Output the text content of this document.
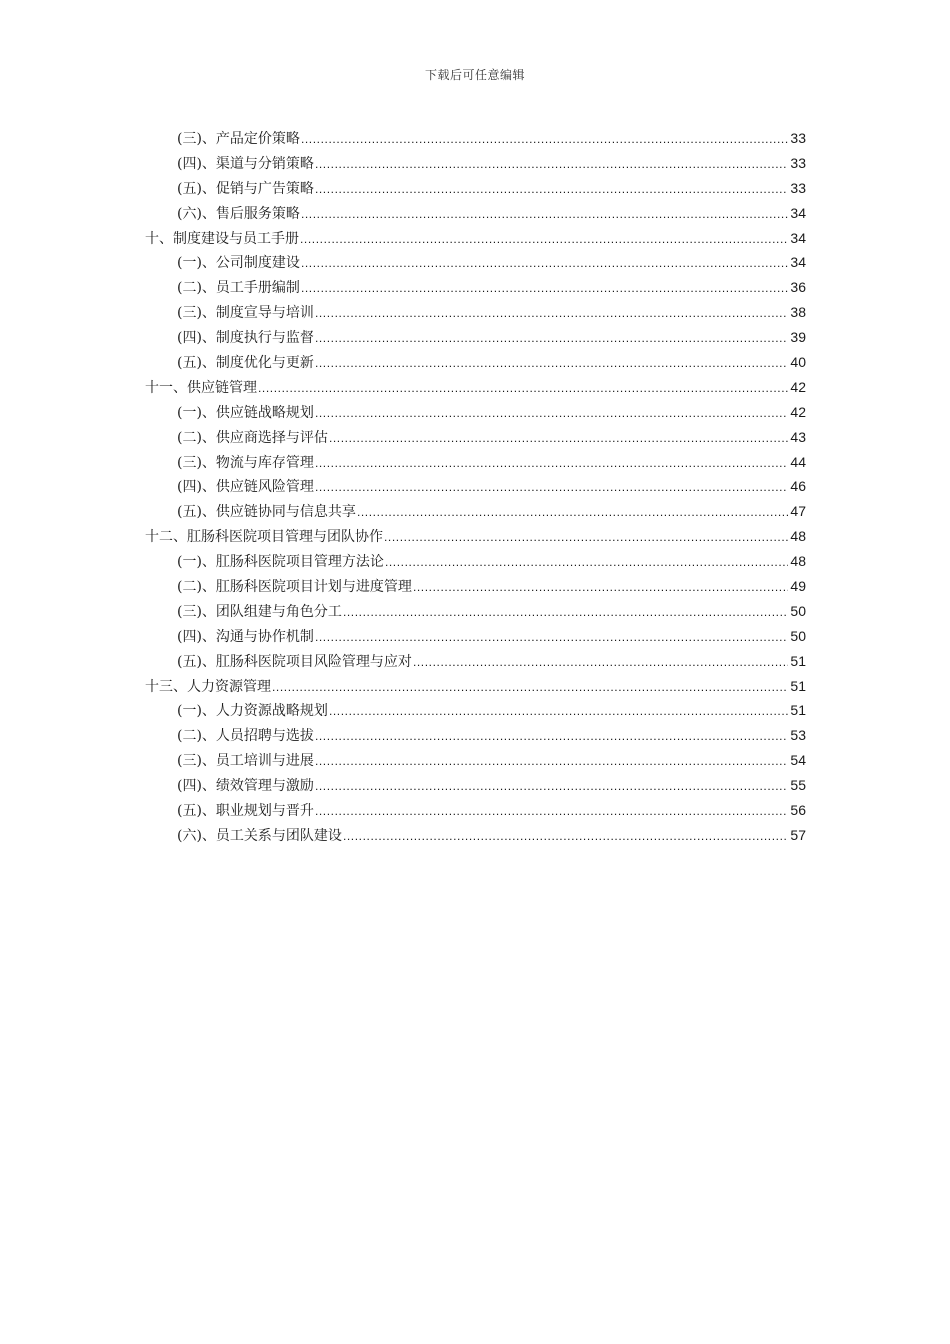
下载后可任意编辑
(三)、产品定价策略 .....	33
(四)、渠道与分销策略 .....	33
(五)、促销与广告策略 .....	33
(六)、售后服务策略 .....	34
十、制度建设与员工手册 .....	34
(一)、公司制度建设 .....	34
(二)、员工手册编制 .....	36
(三)、制度宣导与培训 .....	38
(四)、制度执行与监督 .....	39
(五)、制度优化与更新 .....	40
十一、供应链管理 .....	42
(一)、供应链战略规划 .....	42
(二)、供应商选择与评估 .....	43
(三)、物流与库存管理 .....	44
(四)、供应链风险管理 .....	46
(五)、供应链协同与信息共享 .....	47
十二、肛肠科医院项目管理与团队协作 .....	48
(一)、肛肠科医院项目管理方法论 .....	48
(二)、肛肠科医院项目计划与进度管理 .....	49
(三)、团队组建与角色分工 .....	50
(四)、沟通与协作机制 .....	50
(五)、肛肠科医院项目风险管理与应对 .....	51
十三、人力资源管理 .....	51
(一)、人力资源战略规划 .....	51
(二)、人员招聘与选拔 .....	53
(三)、员工培训与进展 .....	54
(四)、绩效管理与激励 .....	55
(五)、职业规划与晋升 .....	56
(六)、员工关系与团队建设 .....	57
